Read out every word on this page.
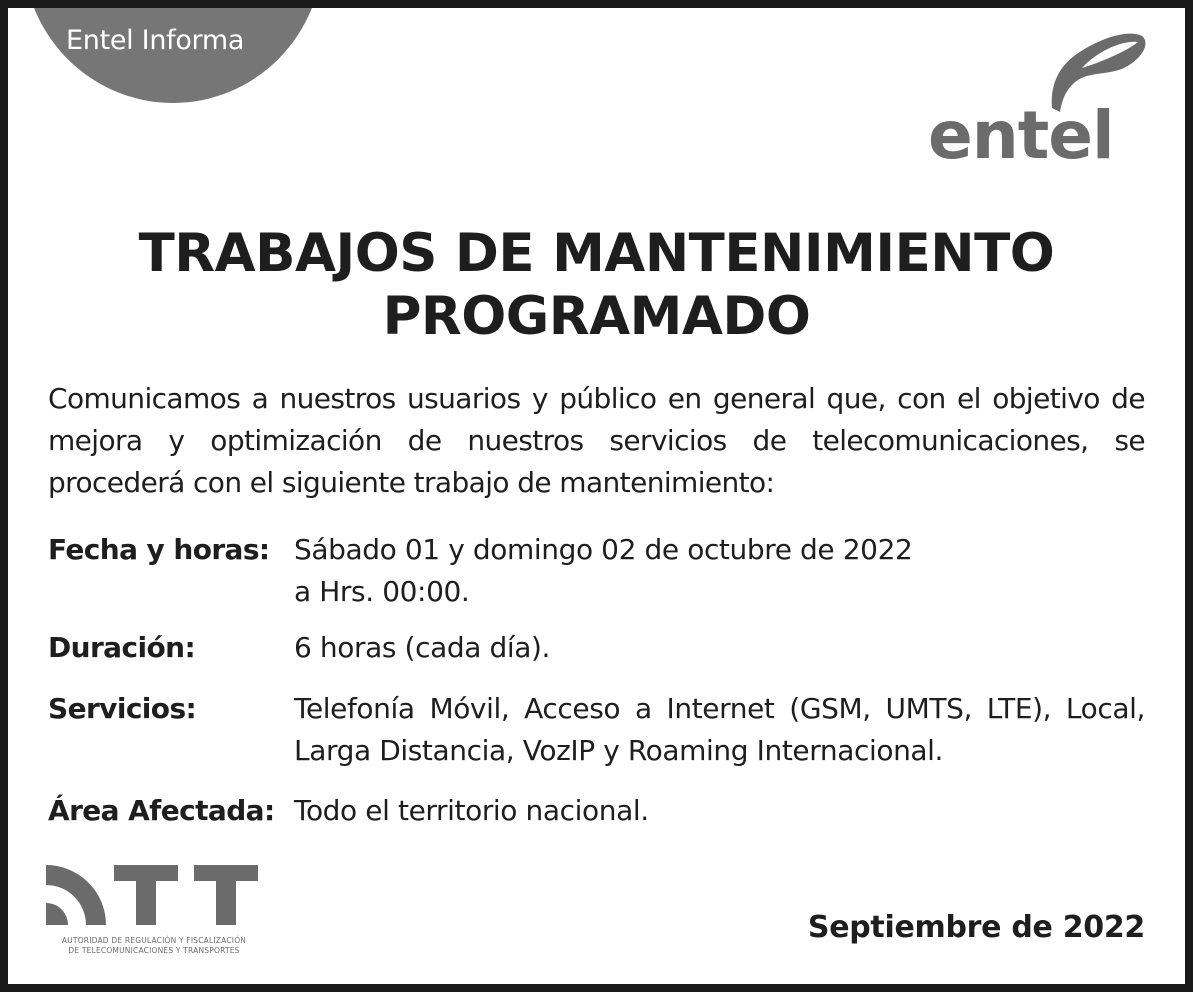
Entel Informa
entel
TRABAJOS DE MANTENIMIENTO
PROGRAMADO
Comunicamos a nuestros usuarios y público en general que, con el objetivo de mejora y optimización de nuestros servicios de telecomunicaciones, se procederá con el siguiente trabajo de mantenimiento:
Fecha y horas: Sábado 01 y domingo 02 de octubre de 2022
a Hrs. 00:00.
Duración:	6 horas (cada día).
Servicios:	Telefonía Móvil, Acceso a Internet (GSM, UMTS, LTE), Local, Larga Distancia, VozIP y Roaming Internacional.
Área Afectada: Todo el territorio nacional.
AUTORIDAD DE REGULACIÓN Y FISCALIZACIÓN
DE TELECOMUNICACIONES Y TRANSPORTES
Septiembre de 2022
